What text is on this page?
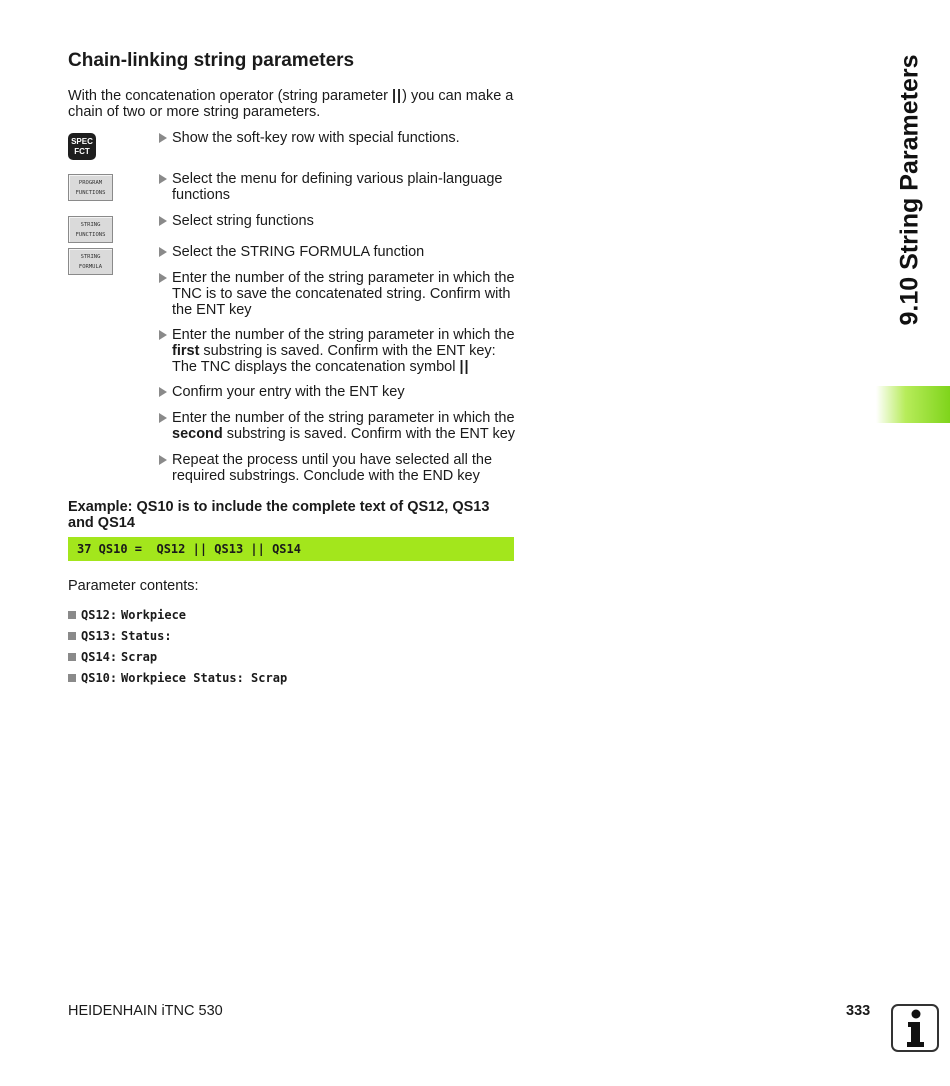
Chain-linking string parameters
With the concatenation operator (string parameter ||) you can make a chain of two or more string parameters.
SPEC
FCT
PROGRAM
FUNCTIONS
STRING
FUNCTIONS
STRING
FORMULA
Show the soft-key row with special functions.
Select the menu for defining various plain-language functions
Select string functions
Select the STRING FORMULA function
Enter the number of the string parameter in which the TNC is to save the concatenated string. Confirm with the ENT key
Enter the number of the string parameter in which the first substring is saved. Confirm with the ENT key: The TNC displays the concatenation symbol ||
Confirm your entry with the ENT key
Enter the number of the string parameter in which the second substring is saved. Confirm with the ENT key
Repeat the process until you have selected all the required substrings. Conclude with the END key
Example: QS10 is to include the complete text of QS12, QS13 and QS14
37 QS10 =  QS12 || QS13 || QS14
Parameter contents:
QS12: Workpiece
QS13: Status:
QS14: Scrap
QS10: Workpiece Status: Scrap
9.10 String Parameters
HEIDENHAIN iTNC 530	333
